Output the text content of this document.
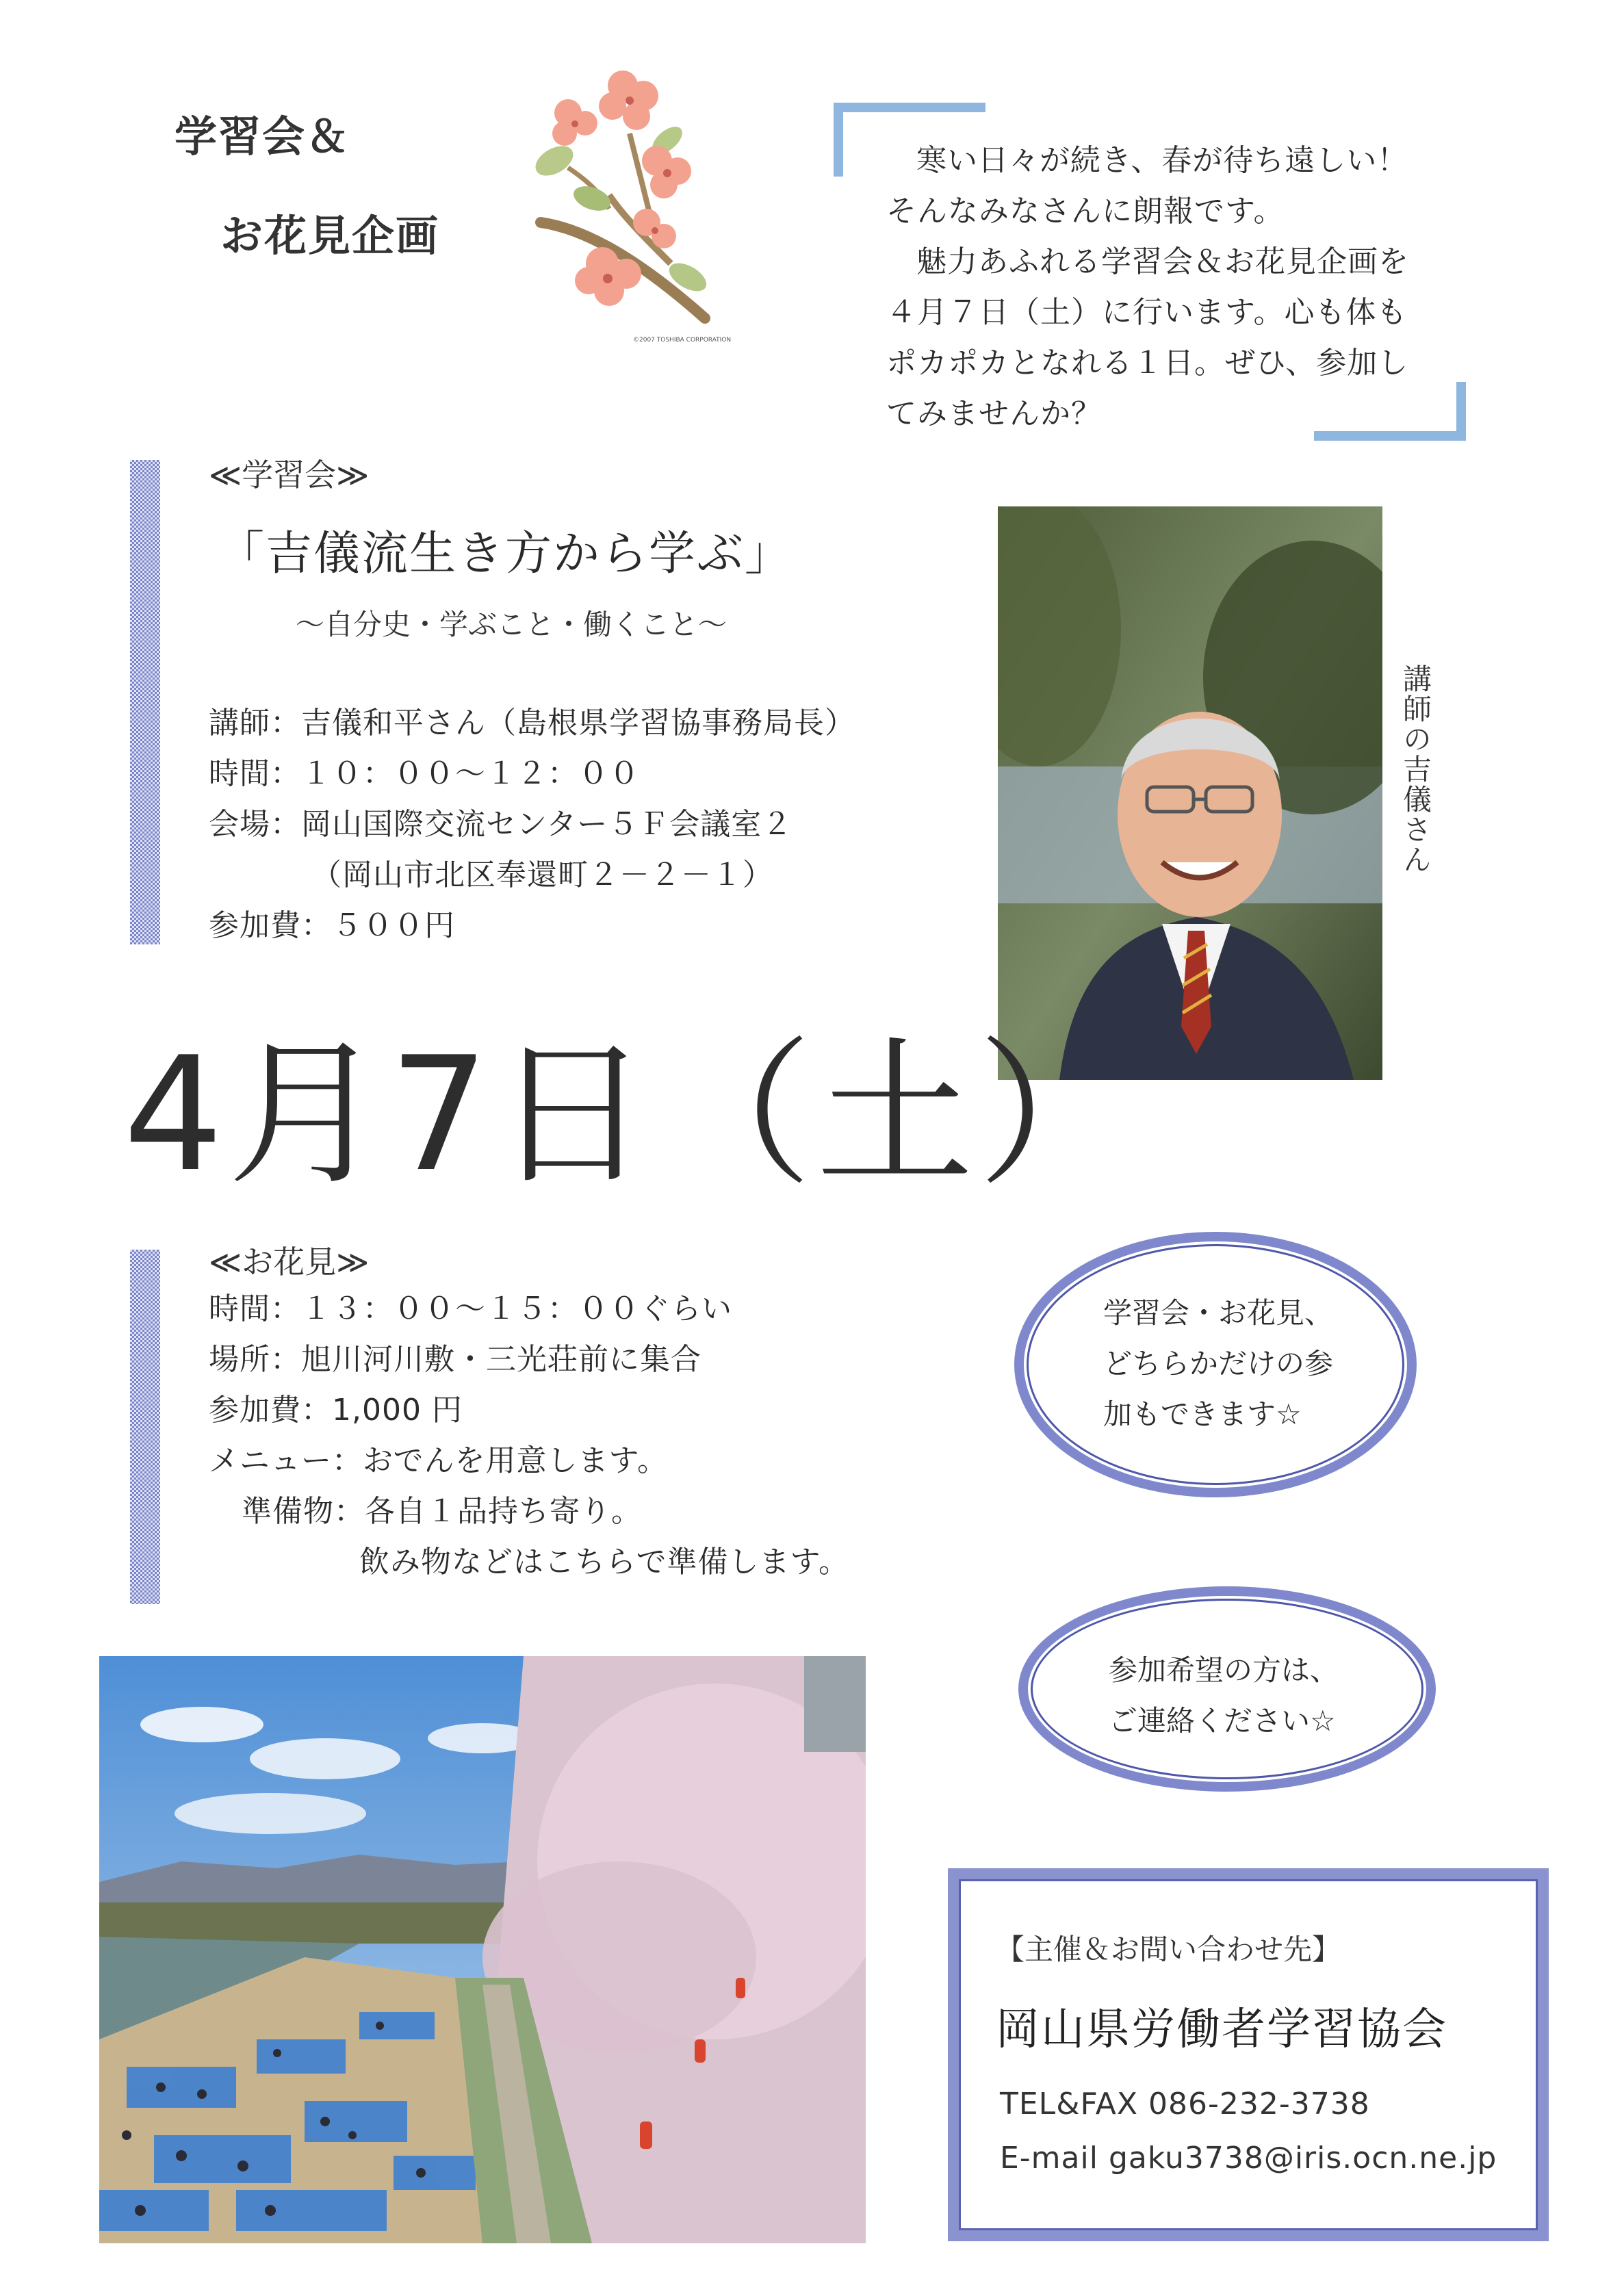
学習会＆
お花見企画
©2007 TOSHIBA CORPORATION
寒い日々が続き、春が待ち遠しい！
そんなみなさんに朗報です。
魅力あふれる学習会＆お花見企画を
４月７日（土）に行います。心も体も
ポカポカとなれる１日。ぜひ、参加し
てみませんか？
≪学習会≫
「吉儀流生き方から学ぶ」
～自分史・学ぶこと・働くこと～
講師：吉儀和平さん（島根県学習協事務局長）
時間：１０：００～１２：００
会場：岡山国際交流センター５Ｆ会議室２
（岡山市北区奉還町２－２－１）
参加費：５００円
講師の吉儀さん
4月7日（土）
≪お花見≫
時間：１３：００～１５：００ぐらい
場所：旭川河川敷・三光荘前に集合
参加費：1,000 円
メニュー：おでんを用意します。
準備物：各自１品持ち寄り。
飲み物などはこちらで準備します。
学習会・お花見、
どちらかだけの参
加もできます☆
参加希望の方は、
ご連絡ください☆
【主催＆お問い合わせ先】
岡山県労働者学習協会
TEL&FAX 086-232-3738
E-mail gaku3738@iris.ocn.ne.jp
